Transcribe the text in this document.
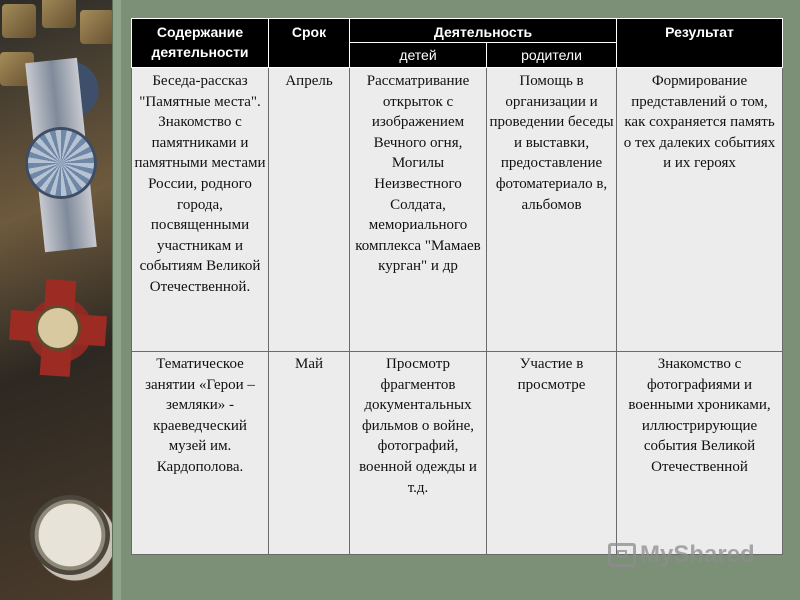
Содержание деятельности	Срок	Деятельность		Результат
		детей	родители	
Беседа-рассказ "Памятные места". Знакомство с памятниками и памятными местами России, родного города, посвященными участникам и событиям Великой Отечественной.	Апрель	Рассматривание открыток с изображением Вечного огня, Могилы Неизвестного Солдата, мемориального комплекса "Мамаев курган" и др	Помощь в организации и проведении беседы и выставки, предоставление фотоматериало в, альбомов	Формирование представлений о том, как сохраняется память о тех далеких событиях и их героях
Тематическое занятии «Герои – земляки» - краеведческий музей им. Кардополова.	Май	Просмотр фрагментов документальных фильмов о войне, фотографий, военной одежды и т.д.	Участие в просмотре	Знакомство с фотографиями и военными хрониками, иллюстрирующие события Великой Отечественной
MyShared
